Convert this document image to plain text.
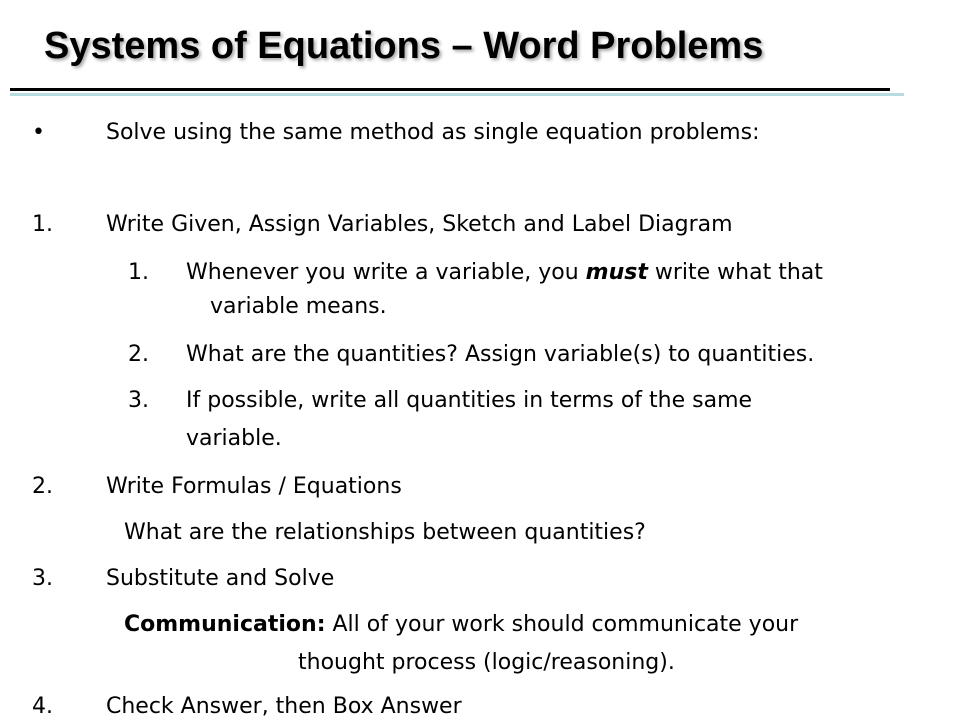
Systems of Equations – Word Problems
•	Solve using the same method as single equation problems:

1. Write Given, Assign Variables, Sketch and Label Diagram

1. Whenever you write a variable, you must write what that

variable means.

2. What are the quantities? Assign variable(s) to quantities.

3. If possible, write all quantities in terms of the same

variable.

2. Write Formulas / Equations

What are the relationships between quantities?

3. Substitute and Solve

Communication: All of your work should communicate your

thought process (logic/reasoning).

4. Check Answer, then Box Answer
